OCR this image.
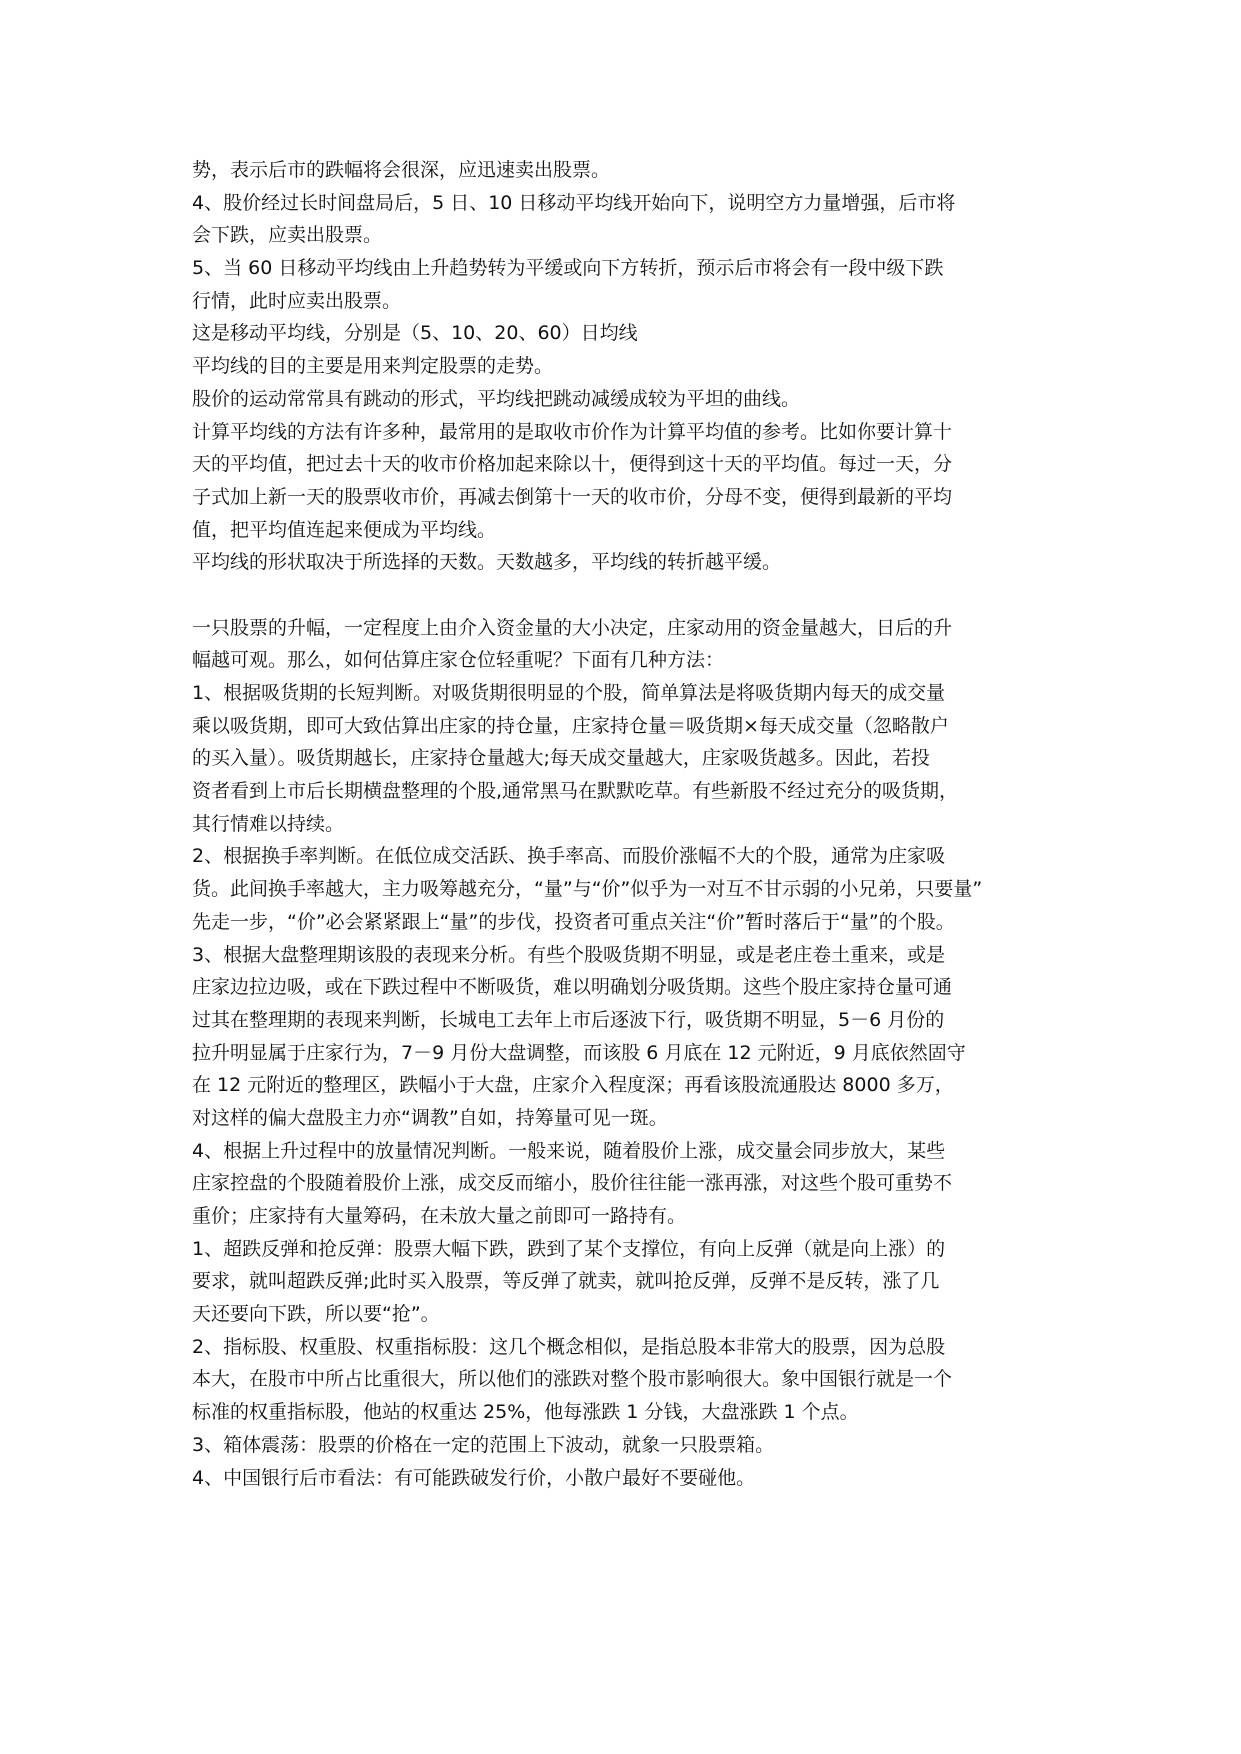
势，表示后市的跌幅将会很深，应迅速卖出股票。
4、股价经过长时间盘局后，5 日、10 日移动平均线开始向下，说明空方力量增强，后市将
会下跌，应卖出股票。
5、当 60 日移动平均线由上升趋势转为平缓或向下方转折，预示后市将会有一段中级下跌
行情，此时应卖出股票。
这是移动平均线，分别是（5、10、20、60）日均线
平均线的目的主要是用来判定股票的走势。
股价的运动常常具有跳动的形式，平均线把跳动减缓成较为平坦的曲线。
计算平均线的方法有许多种，最常用的是取收市价作为计算平均值的参考。比如你要计算十
天的平均值，把过去十天的收市价格加起来除以十，便得到这十天的平均值。每过一天，分
子式加上新一天的股票收市价，再减去倒第十一天的收市价，分母不变，便得到最新的平均
值，把平均值连起来便成为平均线。
平均线的形状取决于所选择的天数。天数越多，平均线的转折越平缓。
一只股票的升幅，一定程度上由介入资金量的大小决定，庄家动用的资金量越大，日后的升
幅越可观。那么，如何估算庄家仓位轻重呢？下面有几种方法：
1、根据吸货期的长短判断。对吸货期很明显的个股，简单算法是将吸货期内每天的成交量
乘以吸货期，即可大致估算出庄家的持仓量，庄家持仓量＝吸货期×每天成交量（忽略散户
的买入量）。吸货期越长，庄家持仓量越大;每天成交量越大，庄家吸货越多。因此，若投
资者看到上市后长期横盘整理的个股,通常黑马在默默吃草。有些新股不经过充分的吸货期，
其行情难以持续。
2、根据换手率判断。在低位成交活跃、换手率高、而股价涨幅不大的个股，通常为庄家吸
货。此间换手率越大，主力吸筹越充分，“量”与“价”似乎为一对互不甘示弱的小兄弟，只要量”
先走一步，“价”必会紧紧跟上“量”的步伐，投资者可重点关注“价”暂时落后于“量”的个股。
3、根据大盘整理期该股的表现来分析。有些个股吸货期不明显，或是老庄卷土重来，或是
庄家边拉边吸，或在下跌过程中不断吸货，难以明确划分吸货期。这些个股庄家持仓量可通
过其在整理期的表现来判断，长城电工去年上市后逐波下行，吸货期不明显，5－6 月份的
拉升明显属于庄家行为，7－9 月份大盘调整，而该股 6 月底在 12 元附近，9 月底依然固守
在 12 元附近的整理区，跌幅小于大盘，庄家介入程度深；再看该股流通股达 8000 多万，
对这样的偏大盘股主力亦“调教”自如，持筹量可见一斑。
4、根据上升过程中的放量情况判断。一般来说，随着股价上涨，成交量会同步放大，某些
庄家控盘的个股随着股价上涨，成交反而缩小，股价往往能一涨再涨，对这些个股可重势不
重价；庄家持有大量筹码，在未放大量之前即可一路持有。
1、超跌反弹和抢反弹：股票大幅下跌，跌到了某个支撑位，有向上反弹（就是向上涨）的
要求，就叫超跌反弹;此时买入股票，等反弹了就卖，就叫抢反弹，反弹不是反转，涨了几
天还要向下跌，所以要“抢”。
2、指标股、权重股、权重指标股：这几个概念相似，是指总股本非常大的股票，因为总股
本大，在股市中所占比重很大，所以他们的涨跌对整个股市影响很大。象中国银行就是一个
标准的权重指标股，他站的权重达 25%，他每涨跌 1 分钱，大盘涨跌 1 个点。
3、箱体震荡：股票的价格在一定的范围上下波动，就象一只股票箱。
4、中国银行后市看法：有可能跌破发行价，小散户最好不要碰他。
